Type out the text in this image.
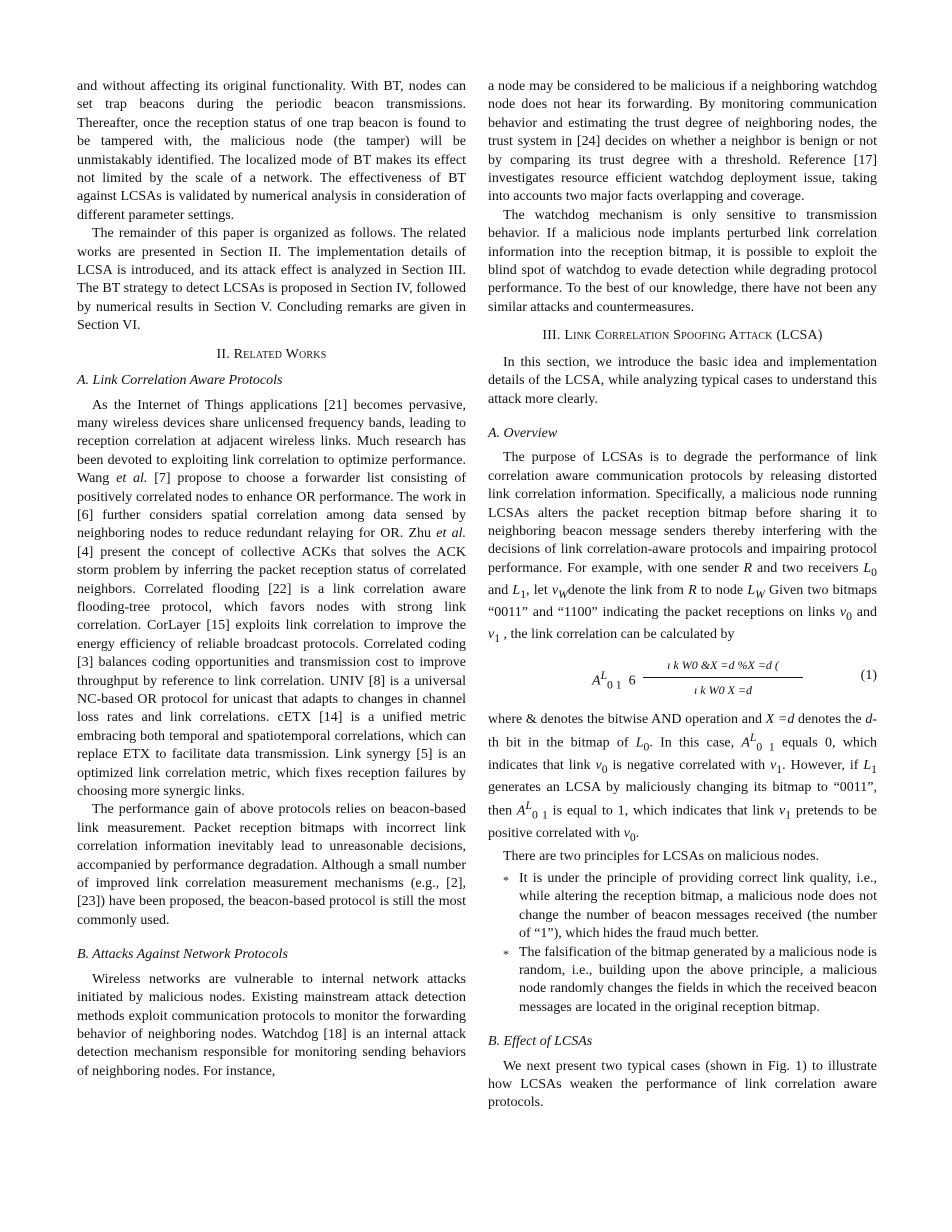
and without affecting its original functionality. With BT, nodes can set trap beacons during the periodic beacon transmissions. Thereafter, once the reception status of one trap beacon is found to be tampered with, the malicious node (the tamper) will be unmistakably identified. The localized mode of BT makes its effect not limited by the scale of a network. The effectiveness of BT against LCSAs is validated by numerical analysis in consideration of different parameter settings.

The remainder of this paper is organized as follows. The related works are presented in Section II. The implementation details of LCSA is introduced, and its attack effect is analyzed in Section III. The BT strategy to detect LCSAs is proposed in Section IV, followed by numerical results in Section V. Concluding remarks are given in Section VI.

II. Related Works
A. Link Correlation Aware Protocols

As the Internet of Things applications [21] becomes pervasive, many wireless devices share unlicensed frequency bands, leading to reception correlation at adjacent wireless links. Much research has been devoted to exploiting link correlation to optimize performance. Wang et al. [7] propose to choose a forwarder list consisting of positively correlated nodes to enhance OR performance. The work in [6] further considers spatial correlation among data sensed by neighboring nodes to reduce redundant relaying for OR. Zhu et al. [4] present the concept of collective ACKs that solves the ACK storm problem by inferring the packet reception status of correlated neighbors. Correlated flooding [22] is a link correlation aware flooding-tree protocol, which favors nodes with strong link correlation. CorLayer [15] exploits link correlation to improve the energy efficiency of reliable broadcast protocols. Correlated coding [3] balances coding opportunities and transmission cost to improve throughput by reference to link correlation. UNIV [8] is a universal NC-based OR protocol for unicast that adapts to changes in channel loss rates and link correlations. cETX [14] is a unified metric embracing both temporal and spatiotemporal correlations, which can replace ETX to facilitate data transmission. Link synergy [5] is an optimized link correlation metric, which fixes reception failures by choosing more synergic links.

The performance gain of above protocols relies on beacon-based link measurement. Packet reception bitmaps with incorrect link correlation information inevitably lead to unreasonable decisions, accompanied by performance degradation. Although a small number of improved link correlation measurement mechanisms (e.g., [2], [23]) have been proposed, the beacon-based protocol is still the most commonly used.

B. Attacks Against Network Protocols

Wireless networks are vulnerable to internal network attacks initiated by malicious nodes. Existing mainstream attack detection methods exploit communication protocols to monitor the forwarding behavior of neighboring nodes. Watchdog [18] is an internal attack detection mechanism responsible for monitoring sending behaviors of neighboring nodes. For instance,

a node may be considered to be malicious if a neighboring watchdog node does not hear its forwarding. By monitoring communication behavior and estimating the trust degree of neighboring nodes, the trust system in [24] decides on whether a neighbor is benign or not by comparing its trust degree with a threshold. Reference [17] investigates resource efficient watchdog deployment issue, taking into accounts two major facts overlapping and coverage.

The watchdog mechanism is only sensitive to transmission behavior. If a malicious node implants perturbed link correlation information into the reception bitmap, it is possible to exploit the blind spot of watchdog to evade detection while degrading protocol performance. To the best of our knowledge, there have not been any similar attacks and countermeasures.

III. Link Correlation Spoofing Attack (LCSA)

In this section, we introduce the basic idea and implementation details of the LCSA, while analyzing typical cases to understand this attack more clearly.

A. Overview

The purpose of LCSAs is to degrade the performance of link correlation aware communication protocols by releasing distorted link correlation information. Specifically, a malicious node running LCSAs alters the packet reception bitmap before sharing it to neighboring beacon message senders thereby interfering with the decisions of link correlation-aware protocols and impairing protocol performance. For example, with one sender R and two receivers $L_0$ and $L_1$, let $v_Wdenote$ the link from R to node $L_W$ Given two bitmaps “0011” and “1100” indicating the packet receptions on links $v_0$ and $v_1$ , the link correlation can be calculated by

$A^L_{0 1}$ 6
ı k W0 &X =d %X =d (
ı k W0 X =d
(1)

where & denotes the bitwise AND operation and X =d denotes the d-th bit in the bitmap of $L_0$. In this case, $A^L_{0 1}$ equals 0, which indicates that link $v_0$ is negative correlated with $v_1$. However, if $L_1$ generates an LCSA by maliciously changing its bitmap to “0011”, then $A^L_{0 1}$ is equal to 1, which indicates that link $v_1$ pretends to be positive correlated with $v_0$.

There are two principles for LCSAs on malicious nodes.

* It is under the principle of providing correct link quality, i.e., while altering the reception bitmap, a malicious node does not change the number of beacon messages received (the number of “1”), which hides the fraud much better.
* The falsification of the bitmap generated by a malicious node is random, i.e., building upon the above principle, a malicious node randomly changes the fields in which the received beacon messages are located in the original reception bitmap.
B. Effect of LCSAs

We next present two typical cases (shown in Fig. 1) to illustrate how LCSAs weaken the performance of link correlation aware protocols.
